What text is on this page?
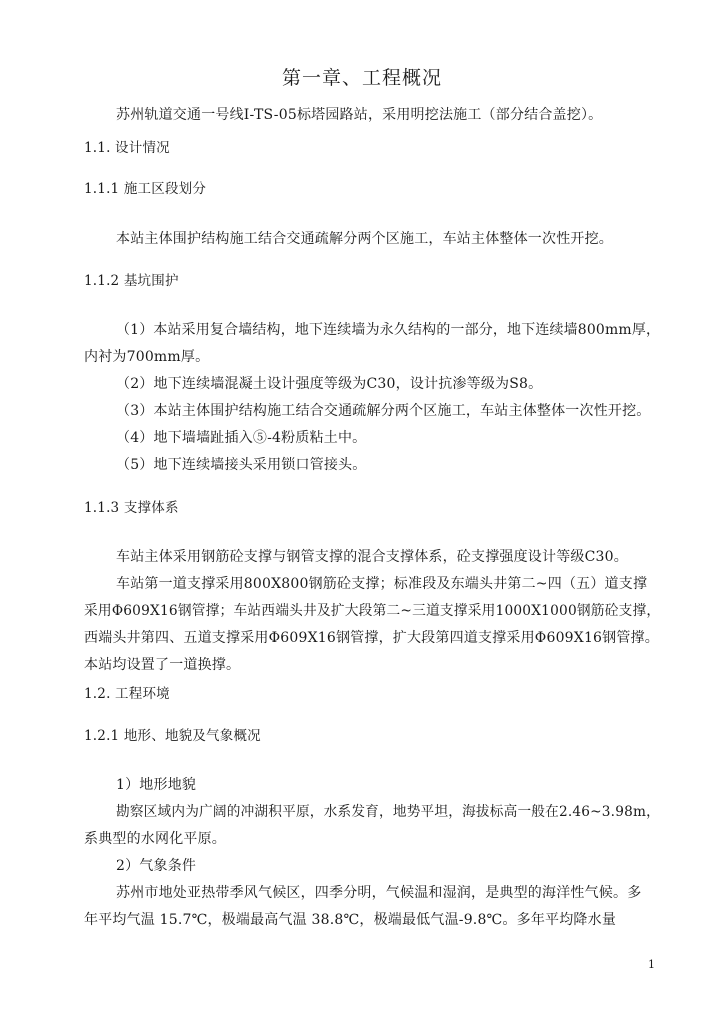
第一章、工程概况
苏州轨道交通一号线Ⅰ-TS-05标塔园路站，采用明挖法施工（部分结合盖挖）。
1.1. 设计情况
1.1.1 施工区段划分
本站主体围护结构施工结合交通疏解分两个区施工，车站主体整体一次性开挖。
1.1.2 基坑围护
（1）本站采用复合墙结构，地下连续墙为永久结构的一部分，地下连续墙800mm厚，
内衬为700mm厚。
（2）地下连续墙混凝土设计强度等级为C30，设计抗渗等级为S8。
（3）本站主体围护结构施工结合交通疏解分两个区施工，车站主体整体一次性开挖。
（4）地下墙墙趾插入⑤-4粉质粘土中。
（5）地下连续墙接头采用锁口管接头。
1.1.3 支撑体系
车站主体采用钢筋砼支撑与钢管支撑的混合支撑体系，砼支撑强度设计等级C30。
车站第一道支撑采用800X800钢筋砼支撑；标准段及东端头井第二~四（五）道支撑
采用Φ609X16钢管撑；车站西端头井及扩大段第二~三道支撑采用1000X1000钢筋砼支撑，
西端头井第四、五道支撑采用Φ609X16钢管撑，扩大段第四道支撑采用Φ609X16钢管撑。
本站均设置了一道换撑。
1.2. 工程环境
1.2.1 地形、地貌及气象概况
1）地形地貌
勘察区域内为广阔的冲湖积平原，水系发育，地势平坦，海拔标高一般在2.46~3.98m，
系典型的水网化平原。
2）气象条件
苏州市地处亚热带季风气候区，四季分明，气候温和湿润，是典型的海洋性气候。多
年平均气温 15.7℃，极端最高气温 38.8℃，极端最低气温-9.8℃。多年平均降水量
1
